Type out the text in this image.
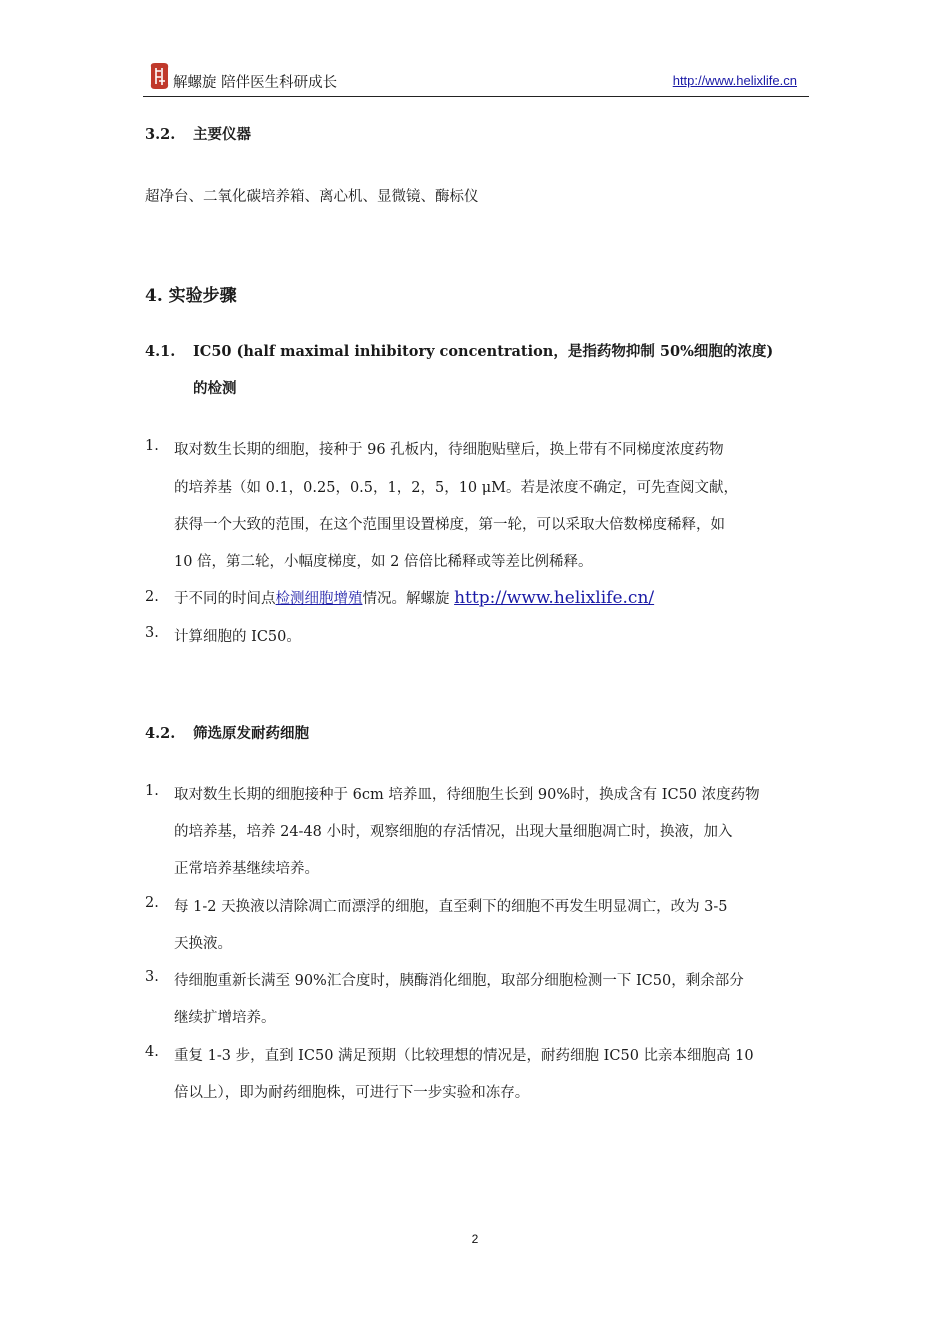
解螺旋 陪伴医生科研成长	http://www.helixlife.cn
3.2. 主要仪器
超净台、二氧化碳培养箱、离心机、显微镜、酶标仪
4. 实验步骤
4.1. IC50 (half maximal inhibitory concentration，是指药物抑制 50%细胞的浓度)
的检测
1. 取对数生长期的细胞，接种于 96 孔板内，待细胞贴壁后，换上带有不同梯度浓度药物
的培养基（如 0.1，0.25，0.5，1，2，5，10 μM。若是浓度不确定，可先查阅文献，
获得一个大致的范围，在这个范围里设置梯度，第一轮，可以采取大倍数梯度稀释，如
10 倍，第二轮，小幅度梯度，如 2 倍倍比稀释或等差比例稀释。
2. 于不同的时间点检测细胞增殖情况。解螺旋 http://www.helixlife.cn/
3. 计算细胞的 IC50。
4.2. 筛选原发耐药细胞
1. 取对数生长期的细胞接种于 6cm 培养皿，待细胞生长到 90%时，换成含有 IC50 浓度药物
的培养基，培养 24-48 小时，观察细胞的存活情况，出现大量细胞凋亡时，换液，加入
正常培养基继续培养。
2. 每 1-2 天换液以清除凋亡而漂浮的细胞，直至剩下的细胞不再发生明显凋亡，改为 3-5
天换液。
3. 待细胞重新长满至 90%汇合度时，胰酶消化细胞，取部分细胞检测一下 IC50，剩余部分
继续扩增培养。
4. 重复 1-3 步，直到 IC50 满足预期（比较理想的情况是，耐药细胞 IC50 比亲本细胞高 10
倍以上），即为耐药细胞株，可进行下一步实验和冻存。
2
